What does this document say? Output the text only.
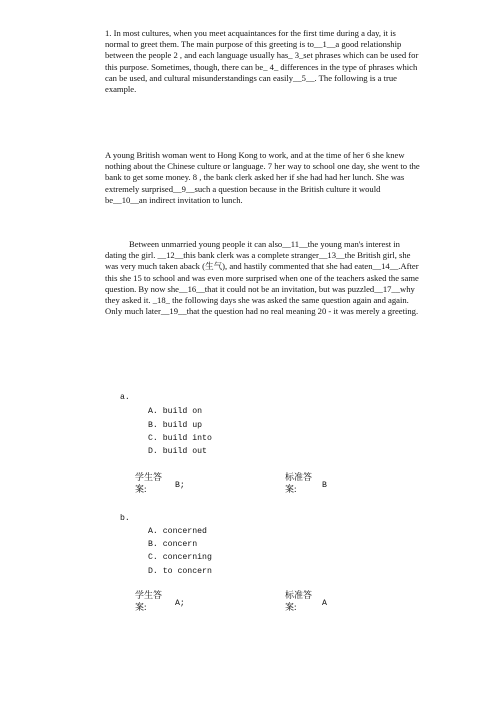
1. In most cultures, when you meet acquaintances for the first time during a day, it is normal to greet them. The main purpose of this greeting is to__1__a good relationship between the people 2 , and each language usually has_ 3_set phrases which can be used for this purpose. Sometimes, though, there can be_ 4_ differences in the type of phrases which can be used, and cultural misunderstandings can easily__5__. The following is a true example.

A young British woman went to Hong Kong to work, and at the time of her 6 she knew nothing about the Chinese culture or language. 7 her way to school one day, she went to the bank to get some money. 8 , the bank clerk asked her if she had had her lunch. She was extremely surprised__9__such a question because in the British culture it would be__10__an indirect invitation to lunch.

Between unmarried young people it can also__11__the young man's interest in dating the girl. __12__this bank clerk was a complete stranger__13__the British girl, she was very much taken aback (生气), and hastily commented that she had eaten__14__.After this she 15 to school and was even more surprised when one of the teachers asked the same question. By now she__16__that it could not be an invitation, but was puzzled__17__why they asked it. _18_ the following days she was asked the same question again and again. Only much later__19__that the question had no real meaning 20 - it was merely a greeting.

a.
A. build on
B. build up
C. build into
D. build out
学生答案:	B;
标准答案:	B
b.
A. concerned
B. concern
C. concerning
D. to concern
学生答案:	A;
标准答案:	A
